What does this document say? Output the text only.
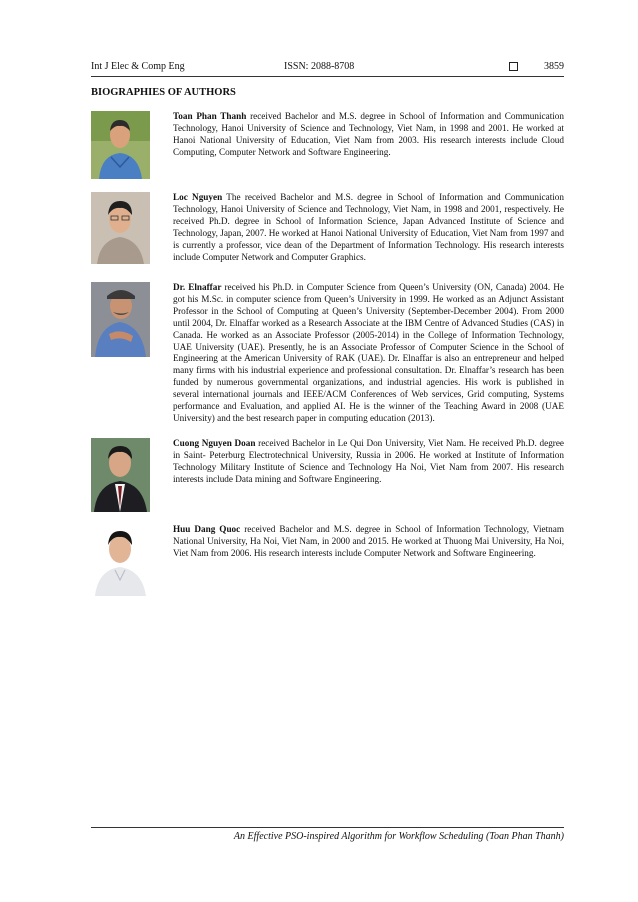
Int J Elec & Comp Eng	ISSN: 2088-8708	3859
BIOGRAPHIES OF AUTHORS
Toan Phan Thanh received Bachelor and M.S. degree in School of Information and Communication Technology, Hanoi University of Science and Technology, Viet Nam, in 1998 and 2001. He worked at Hanoi National University of Education, Viet Nam from 2003. His research interests include Cloud Computing, Computer Network and Software Engineering.
Loc Nguyen The received Bachelor and M.S. degree in School of Information and Communication Technology, Hanoi University of Science and Technology, Viet Nam, in 1998 and 2001, respectively. He received Ph.D. degree in School of Information Science, Japan Advanced Institute of Science and Technology, Japan, 2007. He worked at Hanoi National University of Education, Viet Nam from 1997 and is currently a professor, vice dean of the Department of Information Technology. His research interests include Computer Network and Computer Graphics.
Dr. Elnaffar received his Ph.D. in Computer Science from Queen’s University (ON, Canada) 2004. He got his M.Sc. in computer science from Queen’s University in 1999. He worked as an Adjunct Assistant Professor in the School of Computing at Queen’s University (September-December 2004). From 2000 until 2004, Dr. Elnaffar worked as a Research Associate at the IBM Centre of Advanced Studies (CAS) in Canada. He worked as an Associate Professor (2005-2014) in the College of Information Technology, UAE University (UAE). Presently, he is an Associate Professor of Computer Science in the School of Engineering at the American University of RAK (UAE). Dr. Elnaffar is also an entrepreneur and helped many firms with his industrial experience and professional consultation. Dr. Elnaffar’s research has been funded by numerous governmental organizations, and industrial agencies. His work is published in several international journals and IEEE/ACM Conferences of Web services, Grid computing, Systems performance and Evaluation, and applied AI. He is the winner of the Teaching Award in 2008 (UAE University) and the best research paper in computing education (2013).
Cuong Nguyen Doan received Bachelor in Le Qui Don University, Viet Nam. He received Ph.D. degree in Saint- Peterburg Electrotechnical University, Russia in 2006. He worked at Institute of Information Technology Military Institute of Science and Technology Ha Noi, Viet Nam from 2007. His research interests include Data mining and Software Engineering.
Huu Dang Quoc received Bachelor and M.S. degree in School of Information Technology, Vietnam National University, Ha Noi, Viet Nam, in 2000 and 2015. He worked at Thuong Mai University, Ha Noi, Viet Nam from 2006. His research interests include Computer Network and Software Engineering.
An Effective PSO-inspired Algorithm for Workflow Scheduling (Toan Phan Thanh)
